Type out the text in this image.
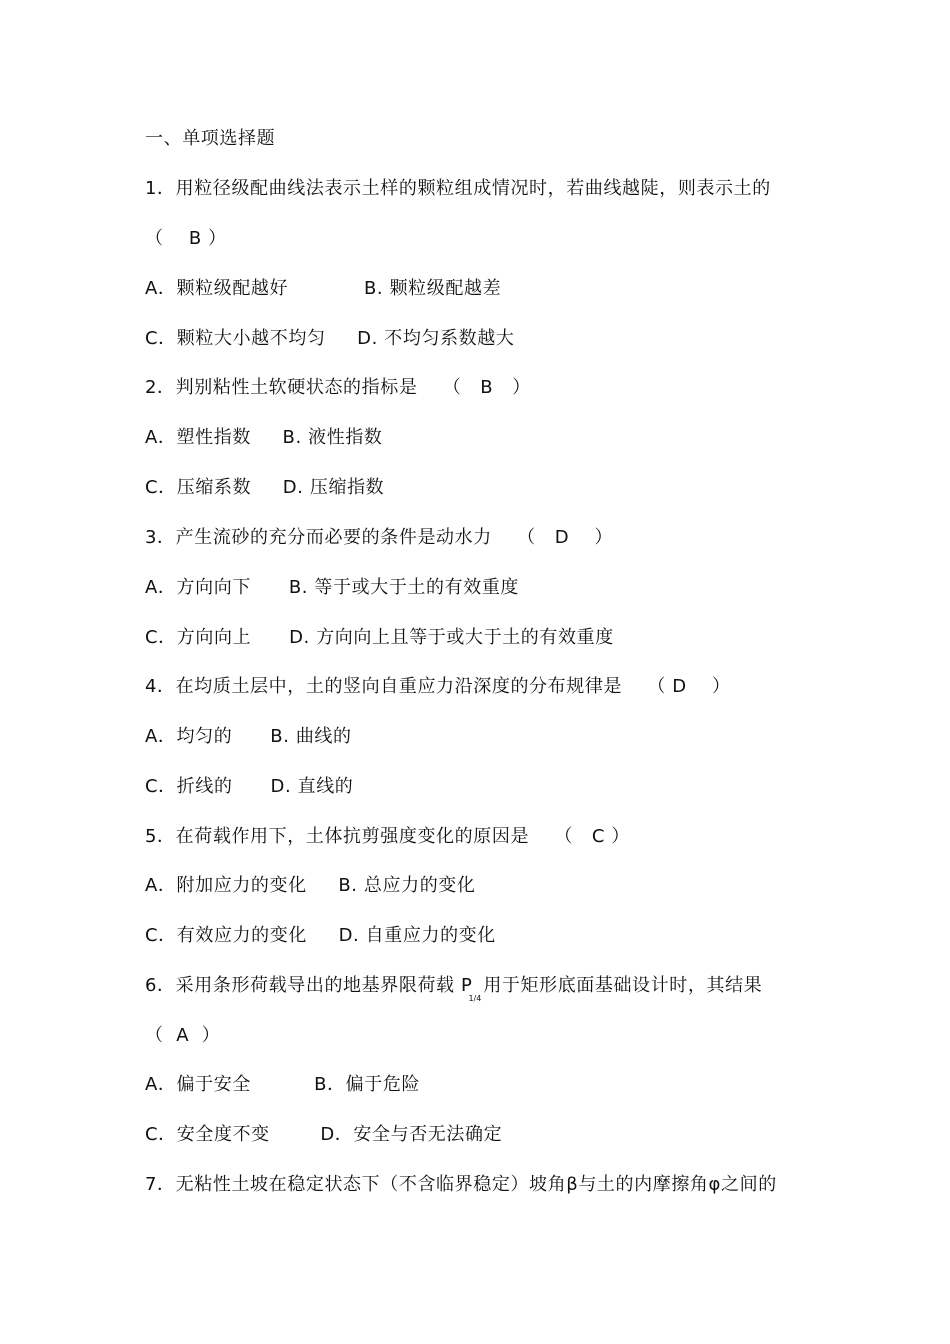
一、单项选择题
1．用粒径级配曲线法表示土样的颗粒组成情况时，若曲线越陡，则表示土的
（    B ）
A．颗粒级配越好            B. 颗粒级配越差
C．颗粒大小越不均匀     D. 不均匀系数越大
2．判别粘性土软硬状态的指标是    （   B   ）
A．塑性指数     B. 液性指数
C．压缩系数     D. 压缩指数
3．产生流砂的充分而必要的条件是动水力    （   D    ）
A．方向向下      B. 等于或大于土的有效重度
C．方向向上      D. 方向向上且等于或大于土的有效重度
4．在均质土层中，土的竖向自重应力沿深度的分布规律是    （ D    ）
A．均匀的      B. 曲线的
C．折线的      D. 直线的
5．在荷载作用下，土体抗剪强度变化的原因是    （   C ）
A．附加应力的变化     B. 总应力的变化
C．有效应力的变化     D. 自重应力的变化
6．采用条形荷载导出的地基界限荷载 P1/4用于矩形底面基础设计时，其结果
（  A  ）
A．偏于安全          B．偏于危险
C．安全度不变        D．安全与否无法确定
7．无粘性土坡在稳定状态下（不含临界稳定）坡角β与土的内摩擦角φ之间的
